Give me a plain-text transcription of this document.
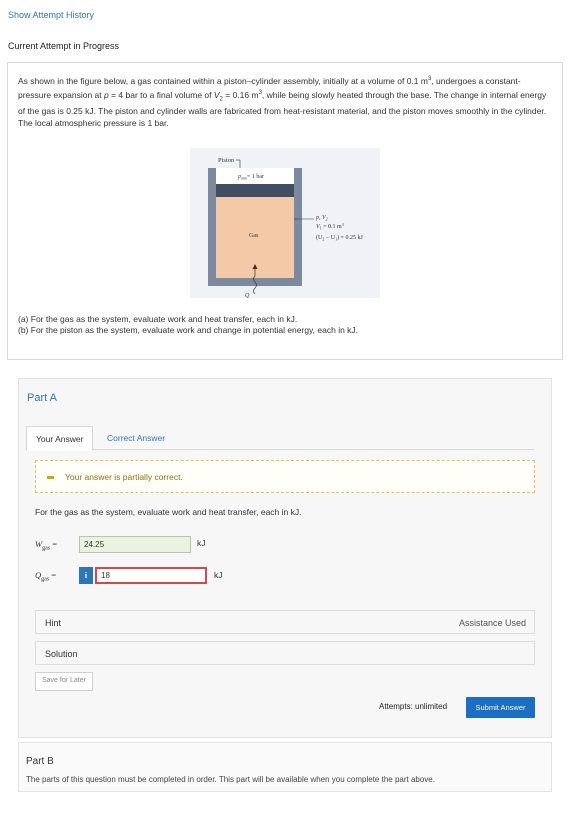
Show Attempt History
Current Attempt in Progress
As shown in the figure below, a gas contained within a piston–cylinder assembly, initially at a volume of 0.1 $m^3$, undergoes a constant-pressure expansion at p = 4 bar to a final volume of $V_2 = 0.16$ $m^3$, while being slowly heated through the base. The change in internal energy of the gas is 0.25 kJ. The piston and cylinder walls are fabricated from heat-resistant material, and the piston moves smoothly in the cylinder. The local atmospheric pressure is 1 bar.
Piston
$p_{atm}= 1$ bar
Gas
p, $V_2$
$V_1 = 0.1$ $m^3$
$(U_2 - U_1) = 0.25$ kJ
Q
(a) For the gas as the system, evaluate work and heat transfer, each in kJ.
(b) For the piston as the system, evaluate work and change in potential energy, each in kJ.
Part A
Your Answer	Correct Answer
Your answer is partially correct.
For the gas as the system, evaluate work and heat transfer, each in kJ.
$W_{gas}$ =	24.25	kJ
$Q_{gas}$ =	i	18	kJ
Hint	Assistance Used
Solution
Save for Later
Attempts: unlimited	Submit Answer
Part B
The parts of this question must be completed in order. This part will be available when you complete the part above.
